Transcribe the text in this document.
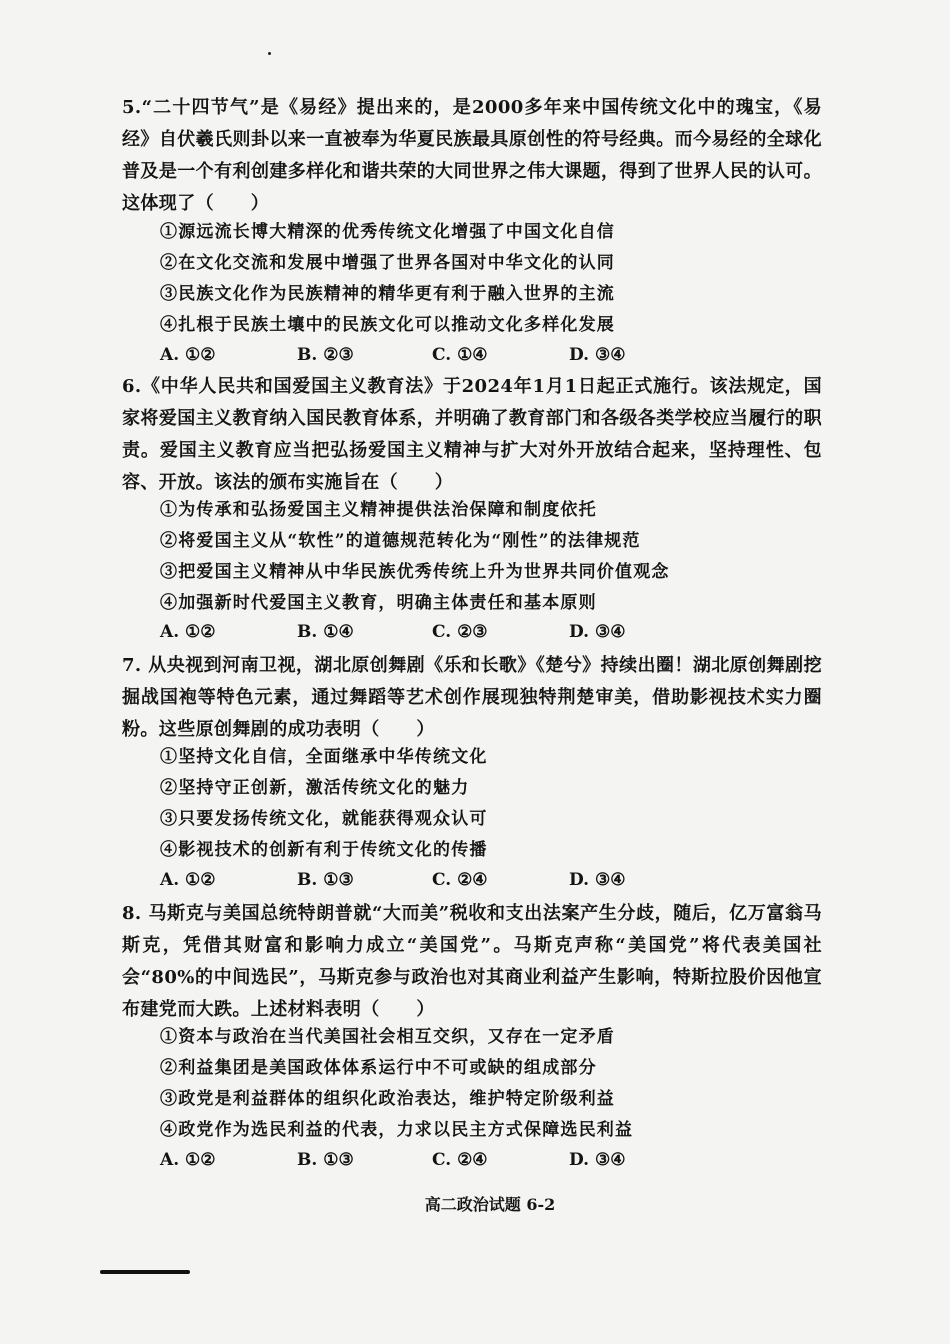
5.“二十四节气”是《易经》提出来的，是2000多年来中国传统文化中的瑰宝，《易经》自伏羲氏则卦以来一直被奉为华夏民族最具原创性的符号经典。而今易经的全球化普及是一个有利创建多样化和谐共荣的大同世界之伟大课题，得到了世界人民的认可。这体现了（　　）
①源远流长博大精深的优秀传统文化增强了中国文化自信
②在文化交流和发展中增强了世界各国对中华文化的认同
③民族文化作为民族精神的精华更有利于融入世界的主流
④扎根于民族土壤中的民族文化可以推动文化多样化发展
A. ①②	B. ②③	C. ①④	D. ③④
6.《中华人民共和国爱国主义教育法》于2024年1月1日起正式施行。该法规定，国家将爱国主义教育纳入国民教育体系，并明确了教育部门和各级各类学校应当履行的职责。爱国主义教育应当把弘扬爱国主义精神与扩大对外开放结合起来，坚持理性、包容、开放。该法的颁布实施旨在（　　）
①为传承和弘扬爱国主义精神提供法治保障和制度依托
②将爱国主义从“软性”的道德规范转化为“刚性”的法律规范
③把爱国主义精神从中华民族优秀传统上升为世界共同价值观念
④加强新时代爱国主义教育，明确主体责任和基本原则
A. ①②	B. ①④	C. ②③	D. ③④
7. 从央视到河南卫视，湖北原创舞剧《乐和长歌》《楚兮》持续出圈！湖北原创舞剧挖掘战国袍等特色元素，通过舞蹈等艺术创作展现独特荆楚审美，借助影视技术实力圈粉。这些原创舞剧的成功表明（　　）
①坚持文化自信，全面继承中华传统文化
②坚持守正创新，激活传统文化的魅力
③只要发扬传统文化，就能获得观众认可
④影视技术的创新有利于传统文化的传播
A. ①②	B. ①③	C. ②④	D. ③④
8. 马斯克与美国总统特朗普就“大而美”税收和支出法案产生分歧，随后，亿万富翁马斯克，凭借其财富和影响力成立“美国党”。马斯克声称“美国党”将代表美国社会“80%的中间选民”，马斯克参与政治也对其商业利益产生影响，特斯拉股价因他宣布建党而大跌。上述材料表明（　　）
①资本与政治在当代美国社会相互交织，又存在一定矛盾
②利益集团是美国政体体系运行中不可或缺的组成部分
③政党是利益群体的组织化政治表达，维护特定阶级利益
④政党作为选民利益的代表，力求以民主方式保障选民利益
A. ①②	B. ①③	C. ②④	D. ③④
高二政治试题 6-2
